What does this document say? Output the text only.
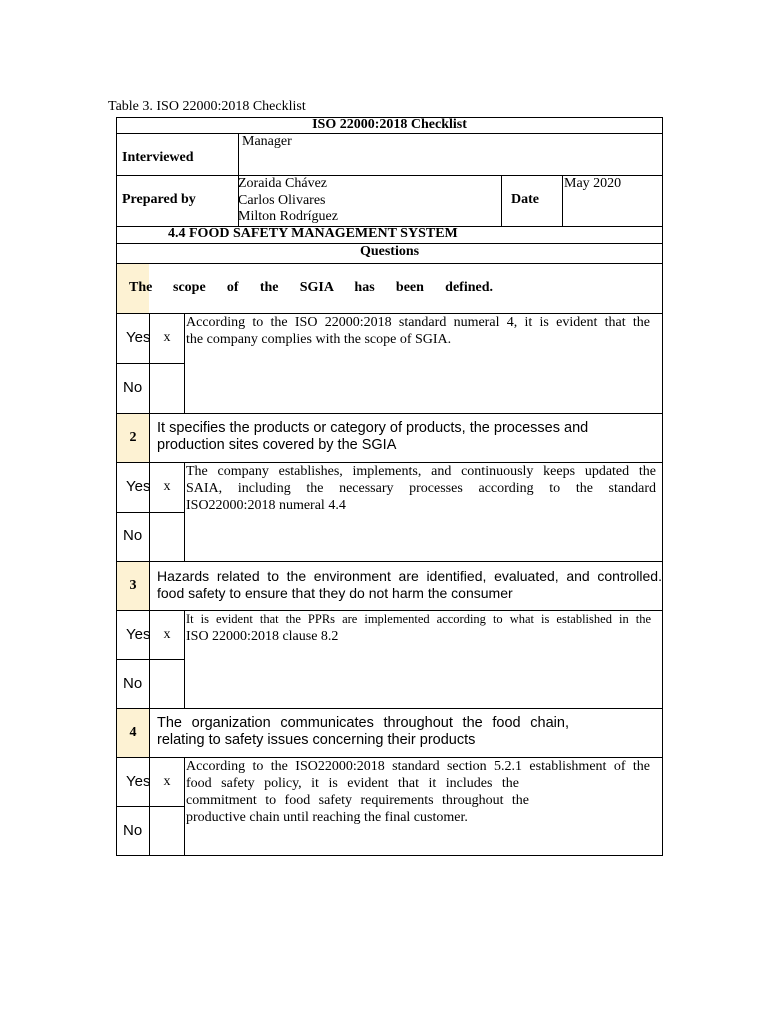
Table 3. ISO 22000:2018 Checklist
ISO 22000:2018 Checklist
Interviewed
Manager
Prepared by
Zoraida Chávez
Carlos Olivares
Milton Rodríguez
Date
May 2020
4.4 FOOD SAFETY MANAGEMENT SYSTEM
Questions
The scope of the SGIA has been defined.
Yes x
No
According to the ISO 22000:2018 standard numeral 4, it is evident that the
the company complies with the scope of SGIA.
2
It specifies the products or category of products, the processes and
production sites covered by the SGIA
Yes x
No
The company establishes, implements, and continuously keeps updated the
SAIA, including the necessary processes according to the standard
ISO22000:2018 numeral 4.4
3
Hazards related to the environment are identified, evaluated, and controlled.
food safety to ensure that they do not harm the consumer
Yes x
No
It is evident that the PPRs are implemented according to what is established in the
ISO 22000:2018 clause 8.2
4
The organization communicates throughout the food chain,
relating to safety issues concerning their products
Yes x
No
According to the ISO22000:2018 standard section 5.2.1 establishment of the
food safety policy, it is evident that it includes the
commitment to food safety requirements throughout the
productive chain until reaching the final customer.
